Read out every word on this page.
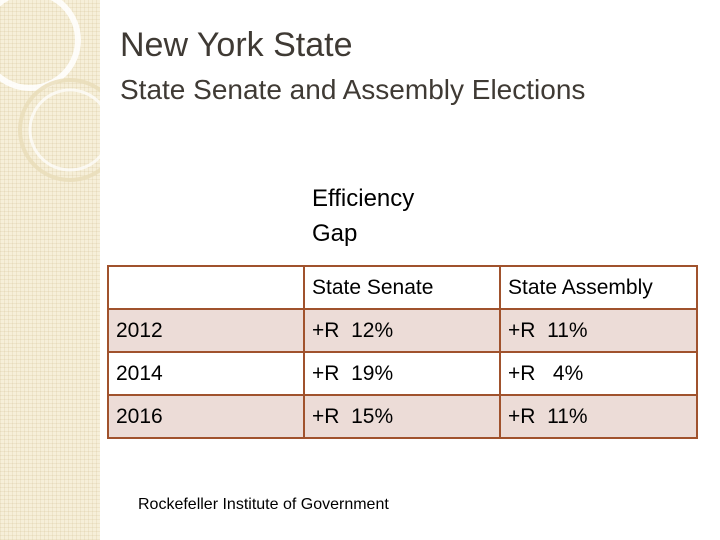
New York State
State Senate and Assembly Elections
Efficiency
Gap
	State Senate	State Assembly
2012	+R  12%	+R  11%
2014	+R  19%	+R   4%
2016	+R  15%	+R  11%
Rockefeller Institute of Government
